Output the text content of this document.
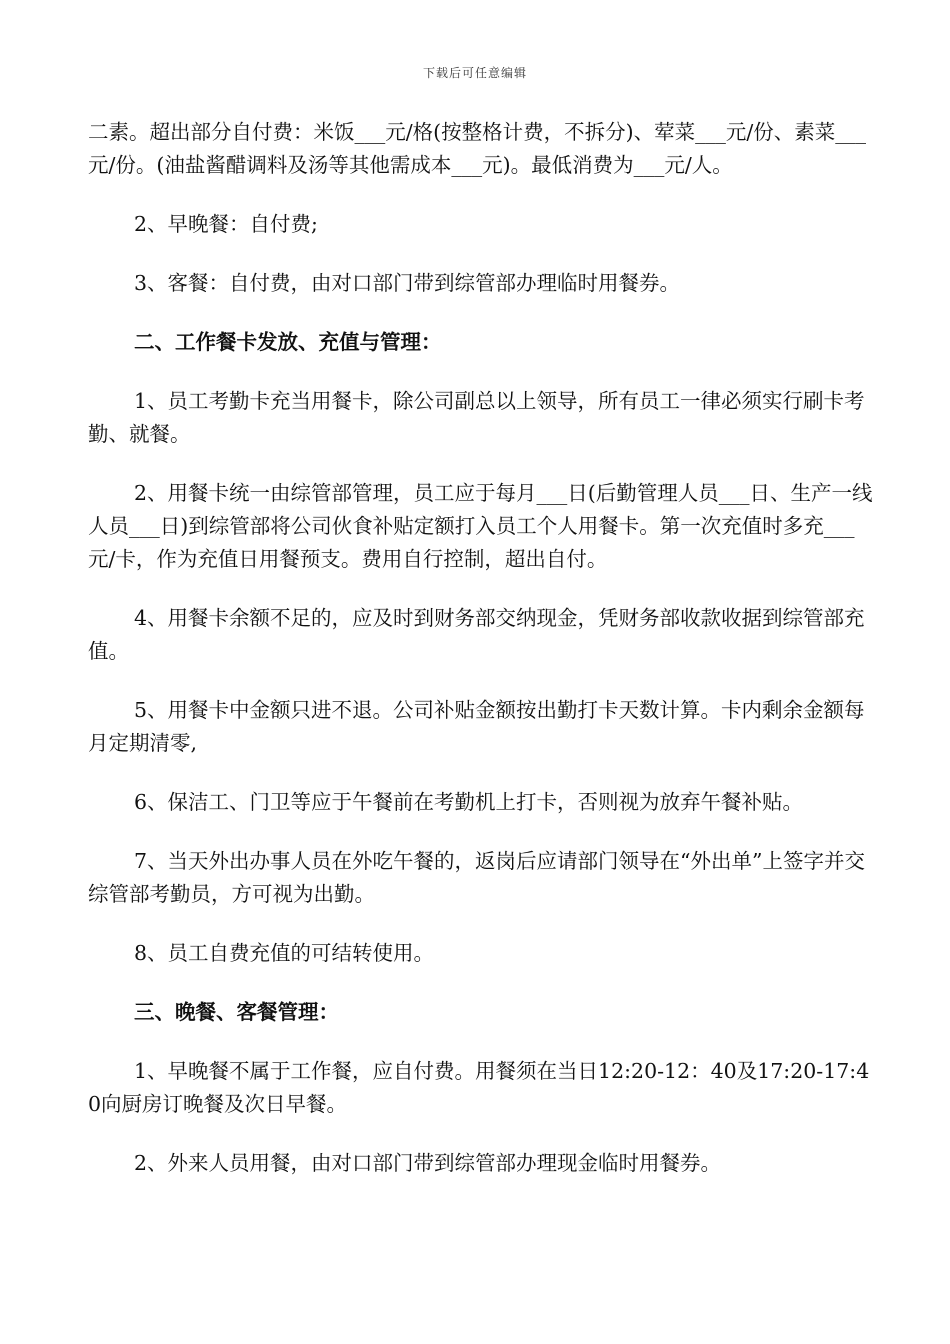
下载后可任意编辑

二素。超出部分自付费：米饭___元/格(按整格计费，不拆分)、荤菜___元/份、素菜___元/份。(油盐酱醋调料及汤等其他需成本___元)。最低消费为___元/人。

2、早晚餐：自付费;

3、客餐：自付费，由对口部门带到综管部办理临时用餐券。

二、工作餐卡发放、充值与管理：

1、员工考勤卡充当用餐卡，除公司副总以上领导，所有员工一律必须实行刷卡考勤、就餐。

2、用餐卡统一由综管部管理，员工应于每月___日(后勤管理人员___日、生产一线人员___日)到综管部将公司伙食补贴定额打入员工个人用餐卡。第一次充值时多充___元/卡，作为充值日用餐预支。费用自行控制，超出自付。

4、用餐卡余额不足的，应及时到财务部交纳现金，凭财务部收款收据到综管部充值。

5、用餐卡中金额只进不退。公司补贴金额按出勤打卡天数计算。卡内剩余金额每月定期清零,

6、保洁工、门卫等应于午餐前在考勤机上打卡，否则视为放弃午餐补贴。

7、当天外出办事人员在外吃午餐的，返岗后应请部门领导在“外出单”上签字并交综管部考勤员，方可视为出勤。

8、员工自费充值的可结转使用。

三、晚餐、客餐管理：

1、早晚餐不属于工作餐，应自付费。用餐须在当日12:20-12：40及17:20-17:40向厨房订晚餐及次日早餐。

2、外来人员用餐，由对口部门带到综管部办理现金临时用餐券。
